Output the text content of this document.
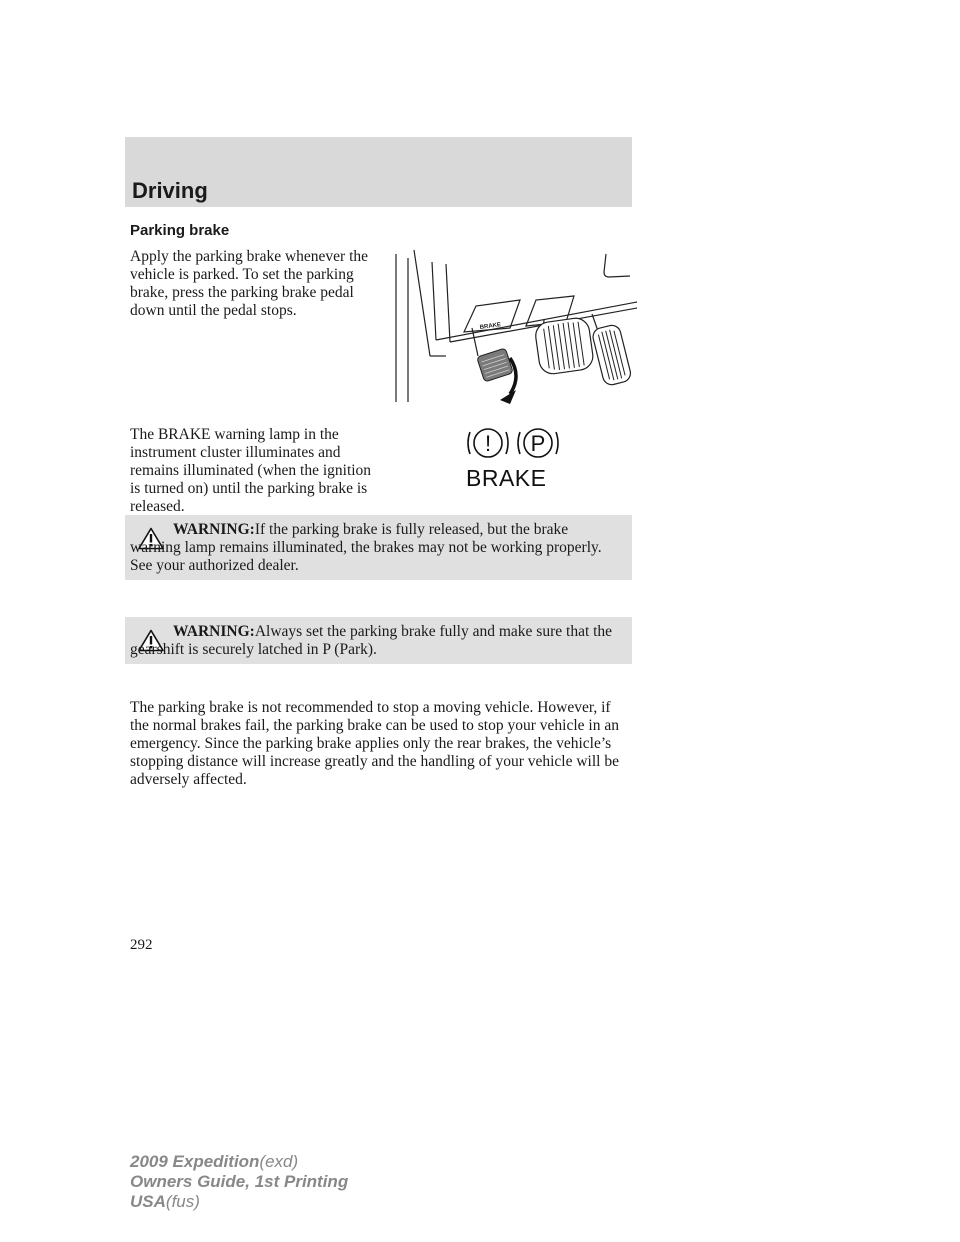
Driving
Parking brake

Apply the parking brake whenever the vehicle is parked. To set the parking brake, press the parking brake pedal down until the pedal stops.

BRAKE

The BRAKE warning lamp in the instrument cluster illuminates and remains illuminated (when the ignition is turned on) until the parking brake is released.

! P
BRAKE

WARNING:If the parking brake is fully released, but the brake warning lamp remains illuminated, the brakes may not be working properly. See your authorized dealer.

WARNING:Always set the parking brake fully and make sure that the gearshift is securely latched in P (Park).

The parking brake is not recommended to stop a moving vehicle. However, if the normal brakes fail, the parking brake can be used to stop your vehicle in an emergency. Since the parking brake applies only the rear brakes, the vehicle’s stopping distance will increase greatly and the handling of your vehicle will be adversely affected.

292
2009 Expedition(exd)
Owners Guide, 1st Printing
USA(fus)
